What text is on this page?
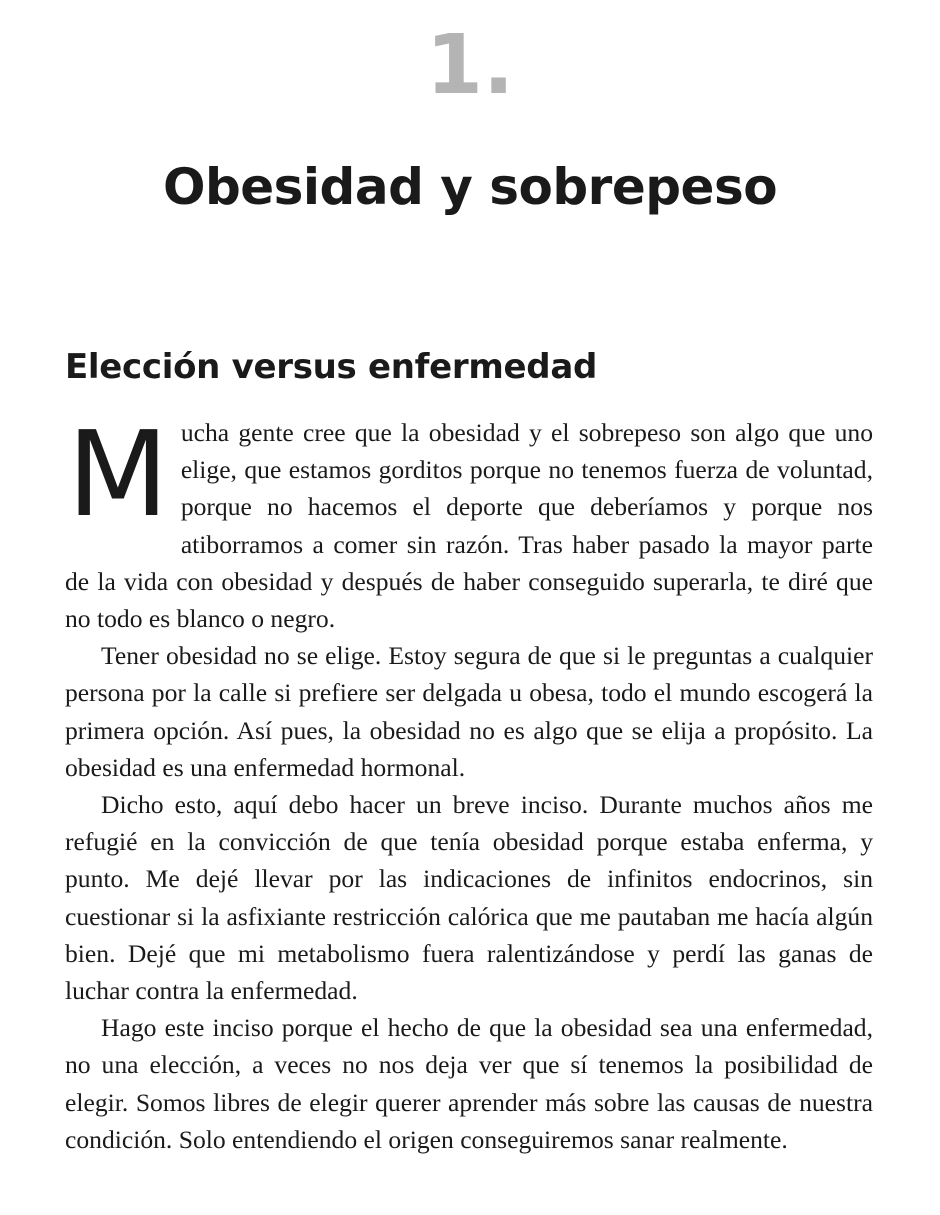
1.
Obesidad y sobrepeso
Elección versus enfermedad

Mucha gente cree que la obesidad y el sobrepeso son algo que uno elige, que estamos gorditos porque no tenemos fuerza de voluntad, porque no hacemos el deporte que deberíamos y porque nos atiborramos a comer sin razón. Tras haber pasado la mayor parte de la vida con obesidad y después de haber conseguido superarla, te diré que no todo es blanco o negro.

Tener obesidad no se elige. Estoy segura de que si le preguntas a cualquier persona por la calle si prefiere ser delgada u obesa, todo el mundo escogerá la primera opción. Así pues, la obesidad no es algo que se elija a propósito. La obesidad es una enfermedad hormonal.

Dicho esto, aquí debo hacer un breve inciso. Durante muchos años me refugié en la convicción de que tenía obesidad porque estaba enferma, y punto. Me dejé llevar por las indicaciones de infinitos endocrinos, sin cuestionar si la asfixiante restricción calórica que me pautaban me hacía algún bien. Dejé que mi metabolismo fuera ralentizándose y perdí las ganas de luchar contra la enfermedad.

Hago este inciso porque el hecho de que la obesidad sea una enfermedad, no una elección, a veces no nos deja ver que sí tenemos la posibilidad de elegir. Somos libres de elegir querer aprender más sobre las causas de nuestra condición. Solo entendiendo el origen conseguiremos sanar realmente.
